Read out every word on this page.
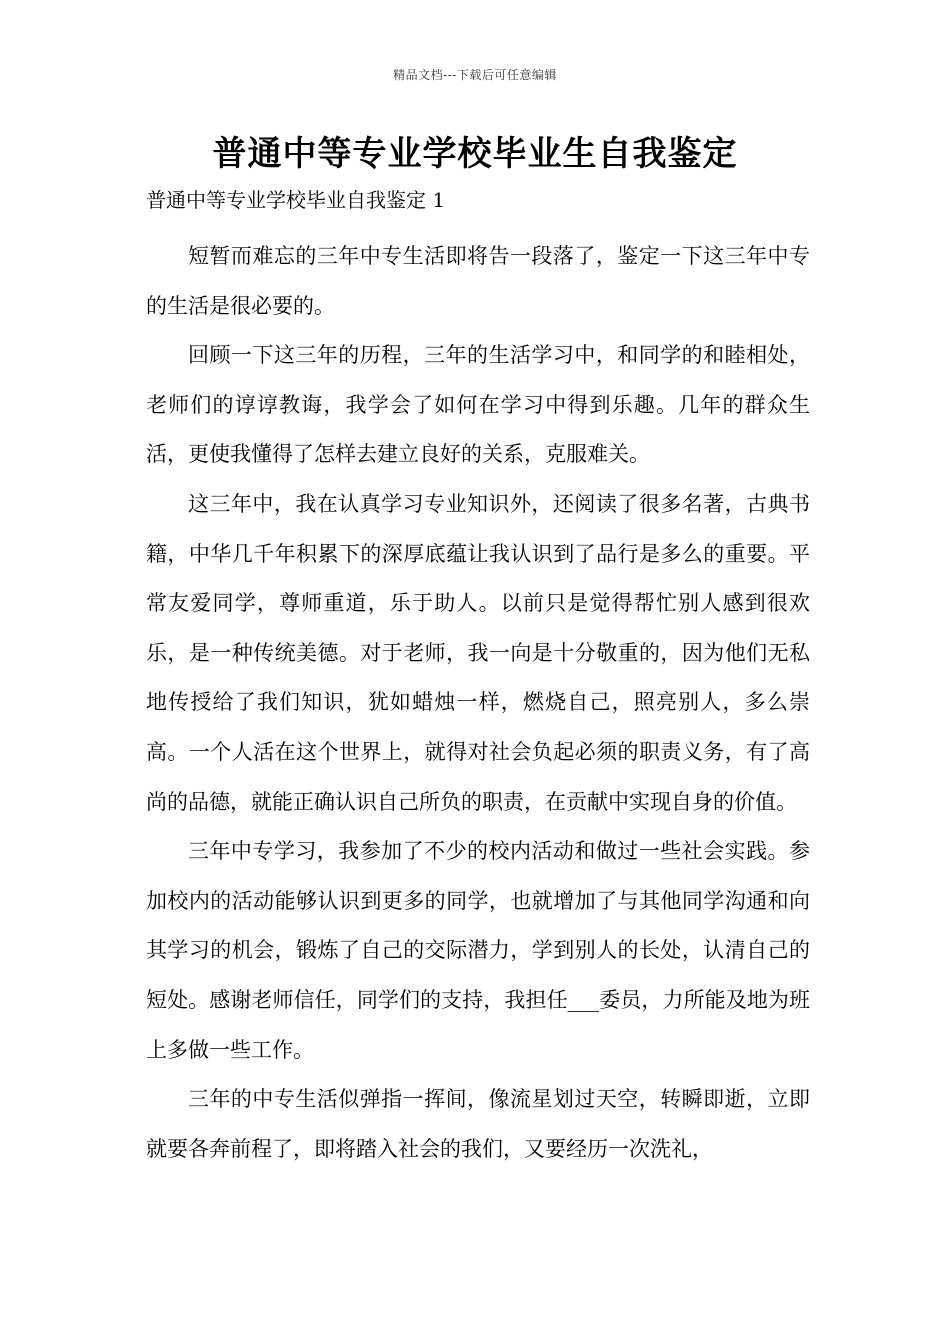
精品文档---下载后可任意编辑
普通中等专业学校毕业生自我鉴定
普通中等专业学校毕业自我鉴定 1

短暂而难忘的三年中专生活即将告一段落了，鉴定一下这三年中专的生活是很必要的。

回顾一下这三年的历程，三年的生活学习中，和同学的和睦相处，老师们的谆谆教诲，我学会了如何在学习中得到乐趣。几年的群众生活，更使我懂得了怎样去建立良好的关系，克服难关。

这三年中，我在认真学习专业知识外，还阅读了很多名著，古典书籍，中华几千年积累下的深厚底蕴让我认识到了品行是多么的重要。平常友爱同学，尊师重道，乐于助人。以前只是觉得帮忙别人感到很欢乐，是一种传统美德。对于老师，我一向是十分敬重的，因为他们无私地传授给了我们知识，犹如蜡烛一样，燃烧自己，照亮别人，多么崇高。一个人活在这个世界上，就得对社会负起必须的职责义务，有了高尚的品德，就能正确认识自己所负的职责，在贡献中实现自身的价值。

三年中专学习，我参加了不少的校内活动和做过一些社会实践。参加校内的活动能够认识到更多的同学，也就增加了与其他同学沟通和向其学习的机会，锻炼了自己的交际潜力，学到别人的长处，认清自己的短处。感谢老师信任，同学们的支持，我担任___委员，力所能及地为班上多做一些工作。

三年的中专生活似弹指一挥间，像流星划过天空，转瞬即逝，立即就要各奔前程了，即将踏入社会的我们，又要经历一次洗礼，
